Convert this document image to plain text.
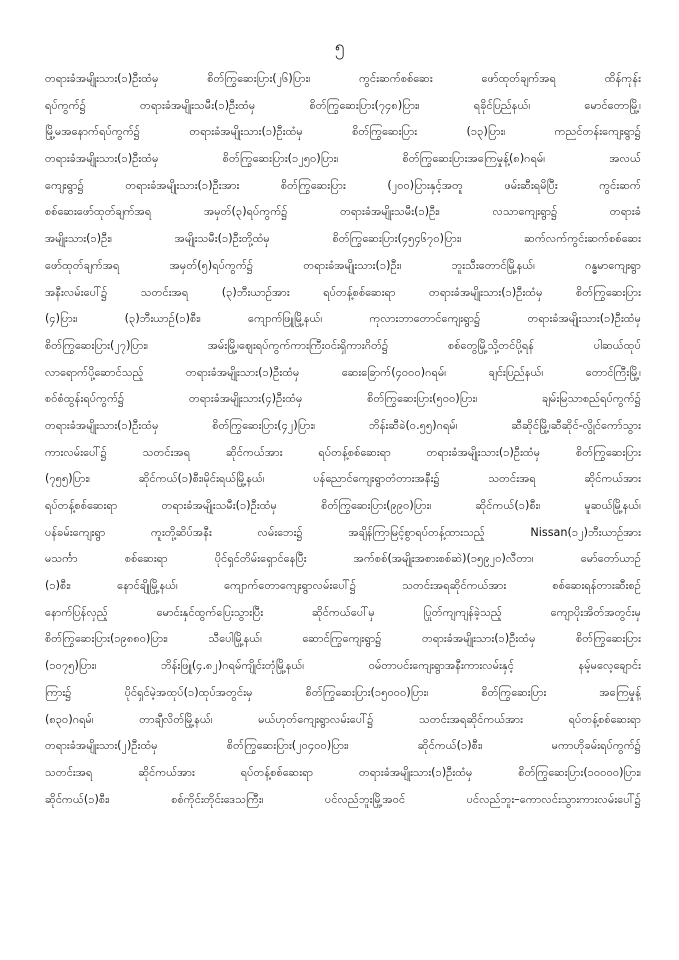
၅
တရားခံအမျိုးသား(၁)ဦးထံမှ စိတ်ကြွဆေးပြား(၂၆)ပြား၊ ကွင်းဆက်စစ်ဆေး ဖော်ထုတ်ချက်အရ ထိန်ကုန်း
ရပ်ကွက်၌ တရားခံအမျိုးသမီး(၁)ဦးထံမှ စိတ်ကြွဆေးပြား(၇၄၈)ပြား၊ ရခိုင်ပြည်နယ်၊ မောင်တောမြို့၊
မြို့မအနောက်ရပ်ကွက်၌ တရားခံအမျိုးသား(၁)ဦးထံမှ စိတ်ကြွဆေးပြား (၁၃)ပြား၊ ကညင်တန်းကျေးရွာ၌
တရားခံအမျိုးသား(၁)ဦးထံမှ စိတ်ကြွဆေးပြား(၁၂၅၀)ပြား၊ စိတ်ကြွဆေးပြားအကြေမှုန့်(၈)ဂရမ်၊ အလယ်
ကျေးရွာ၌ တရားခံအမျိုးသား(၁)ဦးအား စိတ်ကြွဆေးပြား (၂၀၀)ပြားနှင့်အတူ ဖမ်းဆီးရမိပြီး ကွင်းဆက်
စစ်ဆေးဖော်ထုတ်ချက်အရ အမှတ်(၃)ရပ်ကွက်၌ တရားခံအမျိုးသမီး(၁)ဦး၊ လသာကျေးရွာ၌ တရားခံ
အမျိုးသား(၁)ဦး၊ အမျိုးသမီး(၁)ဦးတို့ထံမှ စိတ်ကြွဆေးပြား(၄၅၄၆၇၀)ပြား၊ ဆက်လက်ကွင်းဆက်စစ်ဆေး
ဖော်ထုတ်ချက်အရ အမှတ်(၅)ရပ်ကွက်၌ တရားခံအမျိုးသား(၁)ဦး၊ ဘူးသီးတောင်မြို့နယ်၊ ဂန္ဓမာကျေးရွာ
အနီးလမ်းပေါ်၌ သတင်းအရ (၃)ဘီးယာဉ်အား ရပ်တန့်စစ်ဆေးရာ တရားခံအမျိုးသား(၁)ဦးထံမှ စိတ်ကြွဆေးပြား
(၄)ပြား၊ (၃)ဘီးယာဉ်(၁)စီး၊ ကျောက်ဖြူမြို့နယ်၊ ကုလားဘာတောင်ကျေးရွာ၌ တရားခံအမျိုးသား(၁)ဦးထံမှ
စိတ်ကြွဆေးပြား(၂၇)ပြား၊ အမ်းမြို့၊ဈေးရပ်ကွက်ကားကြီးဝင်းရှိကားဂိတ်၌ စစ်တွေမြို့သို့တင်ပို့ရန် ပါဆယ်ထုပ်
လာရောက်ပို့ဆောင်သည့် တရားခံအမျိုးသား(၁)ဦးထံမှ ဆေးခြောက်(၄၀၀၀)ဂရမ်၊ ချင်းပြည်နယ်၊ တောင်ကြီးမြို့၊
စဝ်စံထွန်းရပ်ကွက်၌ တရားခံအမျိုးသား(၄)ဦးထံမှ စိတ်ကြွဆေးပြား(၅၀၀)ပြား၊ ချမ်းမြသာစည်ရပ်ကွက်၌
တရားခံအမျိုးသား(၁)ဦးထံမှ စိတ်ကြွဆေးပြား(၄၂)ပြား၊ ဘိန်းဆီခဲ(၀.၅၅)ဂရမ်၊ ဆီဆိုင်မြို့၊ဆီဆိုင်-လွိုင်ကော်သွား
ကားလမ်းပေါ်၌ သတင်းအရ ဆိုင်ကယ်အား ရပ်တန့်စစ်ဆေးရာ တရားခံအမျိုးသား(၁)ဦးထံမှ စိတ်ကြွဆေးပြား
(၇၅၅)ပြား၊ ဆိုင်ကယ်(၁)စီး၊မိုင်းရယ်မြို့နယ်၊ ပန်ညောင်ကျေးရွာတံတားအနီး၌ သတင်းအရ ဆိုင်ကယ်အား
ရပ်တန့်စစ်ဆေးရာ တရားခံအမျိုးသမီး(၁)ဦးထံမှ စိတ်ကြွဆေးပြား(၉၉၀)ပြား၊ ဆိုင်ကယ်(၁)စီး၊ မူဆယ်မြို့နယ်၊
ပန်ခမ်းကျေးရွာ ကူးတို့ဆိပ်အနီး လမ်းဘေး၌ အချိန်ကြာမြင့်စွာရပ်တန့်ထားသည့် Nissan(၁၂)ဘီးယာဉ်အား
မသင်္ကာ စစ်ဆေးရာ ပိုင်ရှင်တိမ်းရှောင်နေပြီး အက်စစ်(အမျိုးအစားစစ်ဆဲ)(၁၅၉၂၀)လီတာ၊ မော်တော်ယာဉ်
(၁)စီး၊ နောင်ချိုမြို့နယ်၊ ကျောက်တောကျေးရွာလမ်းပေါ်၌ သတင်းအရဆိုင်ကယ်အား စစ်ဆေးရန်တားဆီးစဉ်
နောက်ပြန်လှည့် မောင်းနှင်ထွက်ပြေးသွားပြီး ဆိုင်ကယ်ပေါ်မှ ပြုတ်ကျကျန်ခဲ့သည့် ကျောပိုးအိတ်အတွင်းမှ
စိတ်ကြွဆေးပြား(၁၉၈၈၀)ပြား၊ သီပေါမြို့နယ်၊ ဆောင်ကြွကျေးရွာ၌ တရားခံအမျိုးသား(၁)ဦးထံမှ စိတ်ကြွဆေးပြား
(၁၀၇၅)ပြား၊ ဘိန်းဖြူ(၄.၈၂)ဂရမ်ကျိုင်းတုံမြို့နယ်၊ ဝမ်တာပင်းကျေးရွာအနီးကားလမ်းနှင့် နမ့်မလေ့ချောင်း
ကြား၌ ပိုင်ရှင်မဲ့အထုပ်(၁)ထုပ်အတွင်းမှ စိတ်ကြွဆေးပြား(၁၅၀၀၀)ပြား၊ စိတ်ကြွဆေးပြား အကြေမှုန့်
(၈၃၀)ဂရမ်၊ တာချီလိတ်မြို့နယ်၊ မယ်ဟုတ်ကျေးရွာလမ်းပေါ်၌ သတင်းအရဆိုင်ကယ်အား ရပ်တန့်စစ်ဆေးရာ
တရားခံအမျိုးသား(၂)ဦးထံမှ စိတ်ကြွဆေးပြား(၂၀၄၀၀)ပြား၊ ဆိုင်ကယ်(၁)စီး၊ မကာဟိုခမ်းရပ်ကွက်၌
သတင်းအရ ဆိုင်ကယ်အား ရပ်တန့်စစ်ဆေးရာ တရားခံအမျိုးသား(၁)ဦးထံမှ စိတ်ကြွဆေးပြား(၁၀၀၀၀)ပြား၊
ဆိုင်ကယ်(၁)စီး၊ စစ်ကိုင်းတိုင်းဒေသကြီး၊ ပင်လည်ဘူးမြို့အဝင် ပင်လည်ဘူး–ကောလင်းသွားကားလမ်းပေါ်၌
